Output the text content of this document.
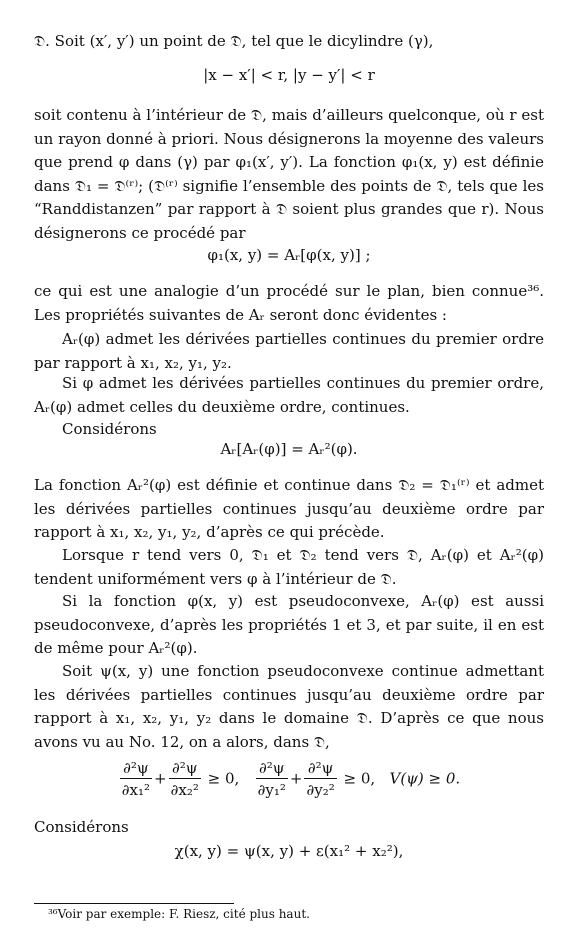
𝔇. Soit (x′, y′) un point de 𝔇, tel que le dicylindre (γ),

|x − x′| < r, |y − y′| < r

soit contenu à l’intérieur de 𝔇, mais d’ailleurs quelconque, où r est un rayon donné à priori. Nous désignerons la moyenne des valeurs que prend φ dans (γ) par φ₁(x′, y′). La fonction φ₁(x, y) est définie dans 𝔇₁ = 𝔇⁽ʳ⁾; (𝔇⁽ʳ⁾ signifie l’ensemble des points de 𝔇, tels que les “Randdistanzen” par rapport à 𝔇 soient plus grandes que r). Nous désignerons ce procédé par

φ₁(x, y) = Aᵣ[φ(x, y)] ;

ce qui est une analogie d’un procédé sur le plan, bien connue³⁶. Les propriétés suivantes de Aᵣ seront donc évidentes :

Aᵣ(φ) admet les dérivées partielles continues du premier ordre par rapport à x₁, x₂, y₁, y₂.

Si φ admet les dérivées partielles continues du premier ordre, Aᵣ(φ) admet celles du deuxième ordre, continues.

Considérons

Aᵣ[Aᵣ(φ)] = Aᵣ²(φ).

La fonction Aᵣ²(φ) est définie et continue dans 𝔇₂ = 𝔇₁⁽ʳ⁾ et admet les dérivées partielles continues jusqu’au deuxième ordre par rapport à x₁, x₂, y₁, y₂, d’après ce qui précède.

Lorsque r tend vers 0, 𝔇₁ et 𝔇₂ tend vers 𝔇, Aᵣ(φ) et Aᵣ²(φ) tendent uniformément vers φ à l’intérieur de 𝔇.

Si la fonction φ(x, y) est pseudoconvexe, Aᵣ(φ) est aussi pseudoconvexe, d’après les propriétés 1 et 3, et par suite, il en est de même pour Aᵣ²(φ).

Soit ψ(x, y) une fonction pseudoconvexe continue admettant les dérivées partielles continues jusqu’au deuxième ordre par rapport à x₁, x₂, y₁, y₂ dans le domaine 𝔇. D’après ce que nous avons vu au No. 12, on a alors, dans 𝔇,

$\frac{\text{∂²ψ}}{\text{∂x₁²}} + \frac{\text{∂²ψ}}{\text{∂x₂²}} \ge 0$, $\frac{\text{∂²ψ}}{\text{∂y₁²}} + \frac{\text{∂²ψ}}{\text{∂y₂²}} \ge 0$, V(ψ) ≥ 0.

Considérons

χ(x, y) = ψ(x, y) + ε(x₁² + x₂²),
³⁶Voir par exemple: F. Riesz, cité plus haut.
